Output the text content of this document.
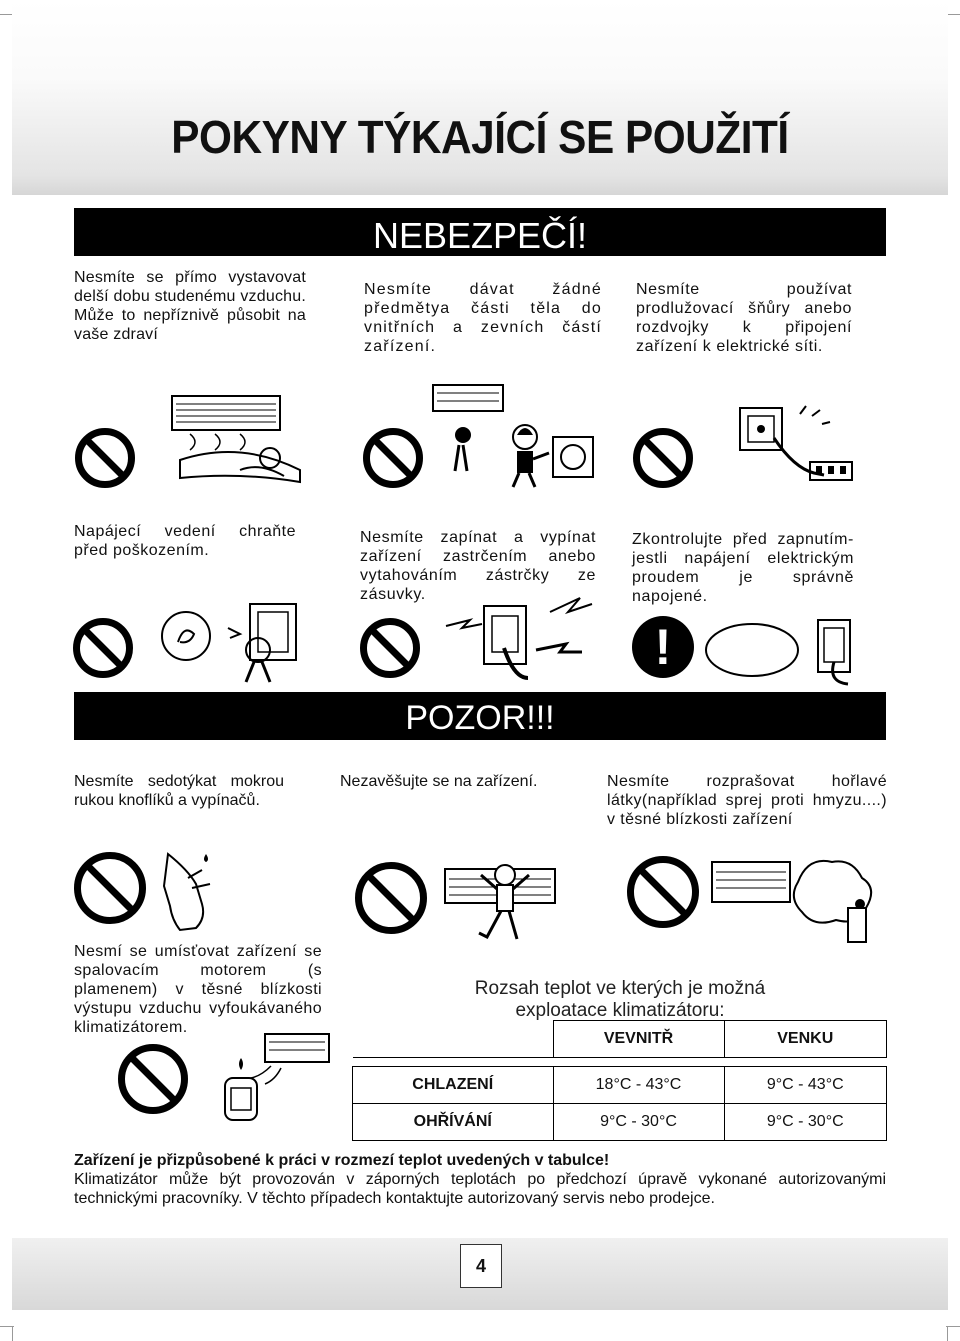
POKYNY TÝKAJÍCÍ SE POUŽITÍ
NEBEZPEČÍ!
Nesmíte se přímo vystavovat delší dobu studenému vzduchu. Může to nepříznivě působit na vaše zdraví
Nesmíte dávat žádné předmětya části těla do vnitřních a zevních částí zařízení.
Nesmíte používat prodlužovací šňůry anebo rozdvojky k připojení zařízení k elektrické síti.
Napájecí vedení chraňte před poškozením.
Nesmíte zapínat a vypínat zařízení zastrčením anebo vytahováním zástrčky ze zásuvky.
Zkontrolujte před zapnutím- jestli napájení elektrickým proudem je správně napojené.
!
POZOR!!!
Nesmíte sedotýkat mokrou rukou knoflíků a vypínačů.
Nezavěšujte se na zařízení.	Nesmíte rozprašovat hořlavé látky(například sprej proti hmyzu....) v těsné blízkosti zařízení
Nesmí se umísťovat zařízení se spalovacím motorem (s plamenem) v těsné blízkosti výstupu vzduchu vyfoukávaného klimatizátorem.
Rozsah teplot ve kterých je možná
exploatace klimatizátoru:
	VEVNITŘ	VENKU

CHLAZENÍ	18°C - 43°C	9°C - 43°C
OHŘÍVÁNÍ	9°C - 30°C	9°C - 30°C
Zařízení je přizpůsobené k práci v rozmezí teplot uvedených v tabulce!
Klimatizátor může být provozován v záporných teplotách po předchozí úpravě vykonané autorizovanými technickými pracovníky. V těchto případech kontaktujte autorizovaný servis nebo prodejce.
4
